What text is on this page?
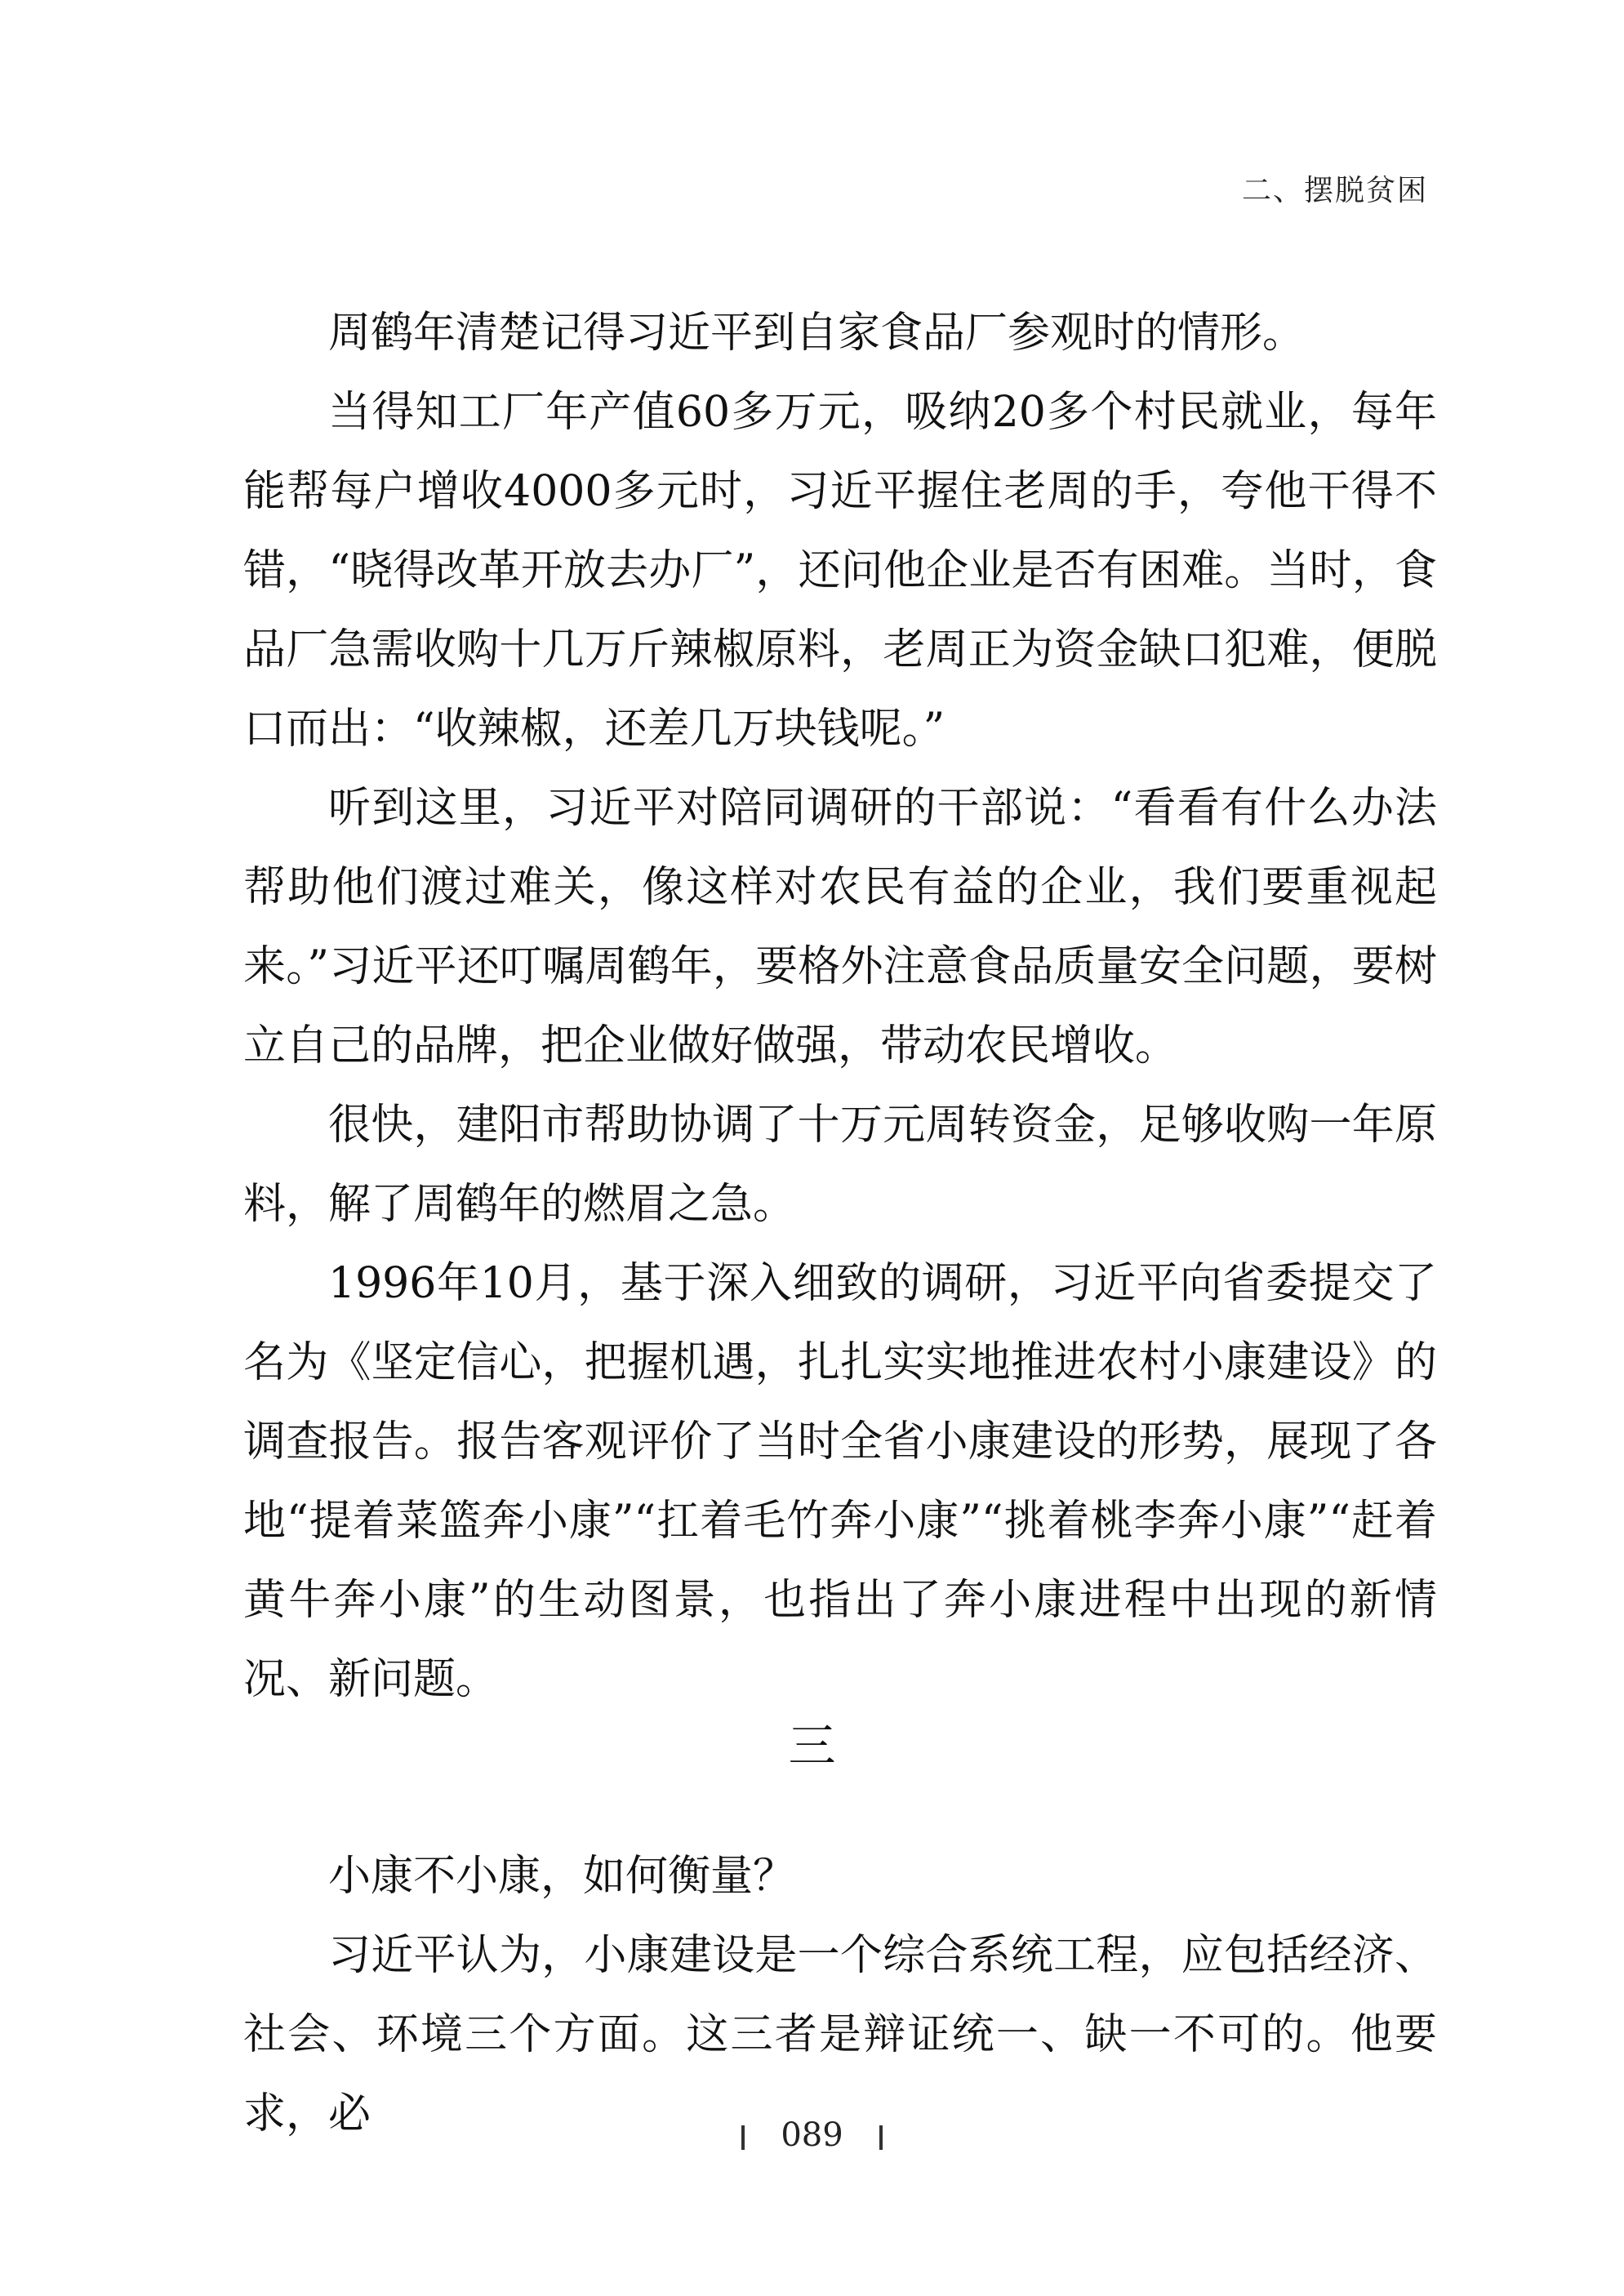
二、摆脱贫困

周鹤年清楚记得习近平到自家食品厂参观时的情形。

当得知工厂年产值60多万元，吸纳20多个村民就业，每年能帮每户增收4000多元时，习近平握住老周的手，夸他干得不错，“晓得改革开放去办厂”，还问他企业是否有困难。当时，食品厂急需收购十几万斤辣椒原料，老周正为资金缺口犯难，便脱口而出：“收辣椒，还差几万块钱呢。”

听到这里，习近平对陪同调研的干部说：“看看有什么办法帮助他们渡过难关，像这样对农民有益的企业，我们要重视起来。”习近平还叮嘱周鹤年，要格外注意食品质量安全问题，要树立自己的品牌，把企业做好做强，带动农民增收。

很快，建阳市帮助协调了十万元周转资金，足够收购一年原料，解了周鹤年的燃眉之急。

1996年10月，基于深入细致的调研，习近平向省委提交了名为《坚定信心，把握机遇，扎扎实实地推进农村小康建设》的调查报告。报告客观评价了当时全省小康建设的形势，展现了各地“提着菜篮奔小康”“扛着毛竹奔小康”“挑着桃李奔小康”“赶着黄牛奔小康”的生动图景，也指出了奔小康进程中出现的新情况、新问题。

三

小康不小康，如何衡量？

习近平认为，小康建设是一个综合系统工程，应包括经济、社会、环境三个方面。这三者是辩证统一、缺一不可的。他要求，必	089
